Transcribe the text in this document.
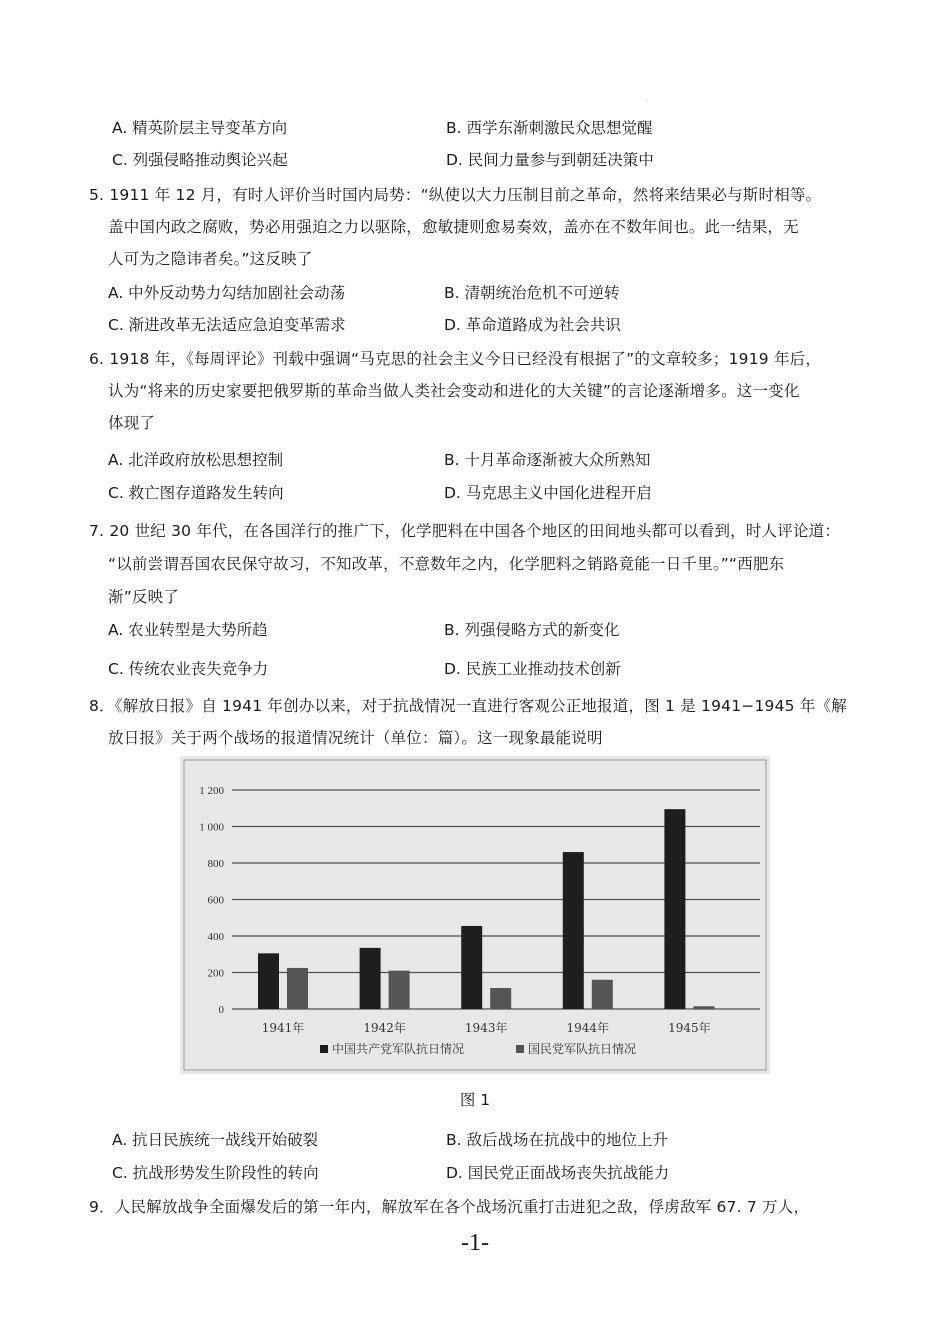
·
A. 精英阶层主导变革方向	B. 西学东渐刺激民众思想觉醒
C. 列强侵略推动舆论兴起	D. 民间力量参与到朝廷决策中
5. 1911 年 12 月，有时人评价当时国内局势：“纵使以大力压制目前之革命，然将来结果必与斯时相等。
盖中国内政之腐败，势必用强迫之力以驱除，愈敏捷则愈易奏效，盖亦在不数年间也。此一结果，无
人可为之隐讳者矣。”这反映了
A. 中外反动势力勾结加剧社会动荡	B. 清朝统治危机不可逆转
C. 渐进改革无法适应急迫变革需求	D. 革命道路成为社会共识
6. 1918 年，《每周评论》刊载中强调“马克思的社会主义今日已经没有根据了”的文章较多；1919 年后，
认为“将来的历史家要把俄罗斯的革命当做人类社会变动和进化的大关键”的言论逐渐增多。这一变化
体现了
A. 北洋政府放松思想控制	B. 十月革命逐渐被大众所熟知
C. 救亡图存道路发生转向	D. 马克思主义中国化进程开启
7. 20 世纪 30 年代，在各国洋行的推广下，化学肥料在中国各个地区的田间地头都可以看到，时人评论道：
“以前尝谓吾国农民保守故习，不知改革，不意数年之内，化学肥料之销路竟能一日千里。”“西肥东
渐”反映了
A. 农业转型是大势所趋	B. 列强侵略方式的新变化
C. 传统农业丧失竞争力	D. 民族工业推动技术创新
8．《解放日报》自 1941 年创办以来，对于抗战情况一直进行客观公正地报道，图 1 是 1941−1945 年《解
放日报》关于两个战场的报道情况统计（单位：篇）。这一现象最能说明
0
200
400
600
800
1 000
1 200
1941年	1942年	1943年	1944年	1945年
中国共产党军队抗日情况	国民党军队抗日情况
图 1
A. 抗日民族统一战线开始破裂	B. 敌后战场在抗战中的地位上升
C. 抗战形势发生阶段性的转向	D. 国民党正面战场丧失抗战能力
9．人民解放战争全面爆发后的第一年内，解放军在各个战场沉重打击进犯之敌，俘虏敌军 67. 7 万人，
-1-
